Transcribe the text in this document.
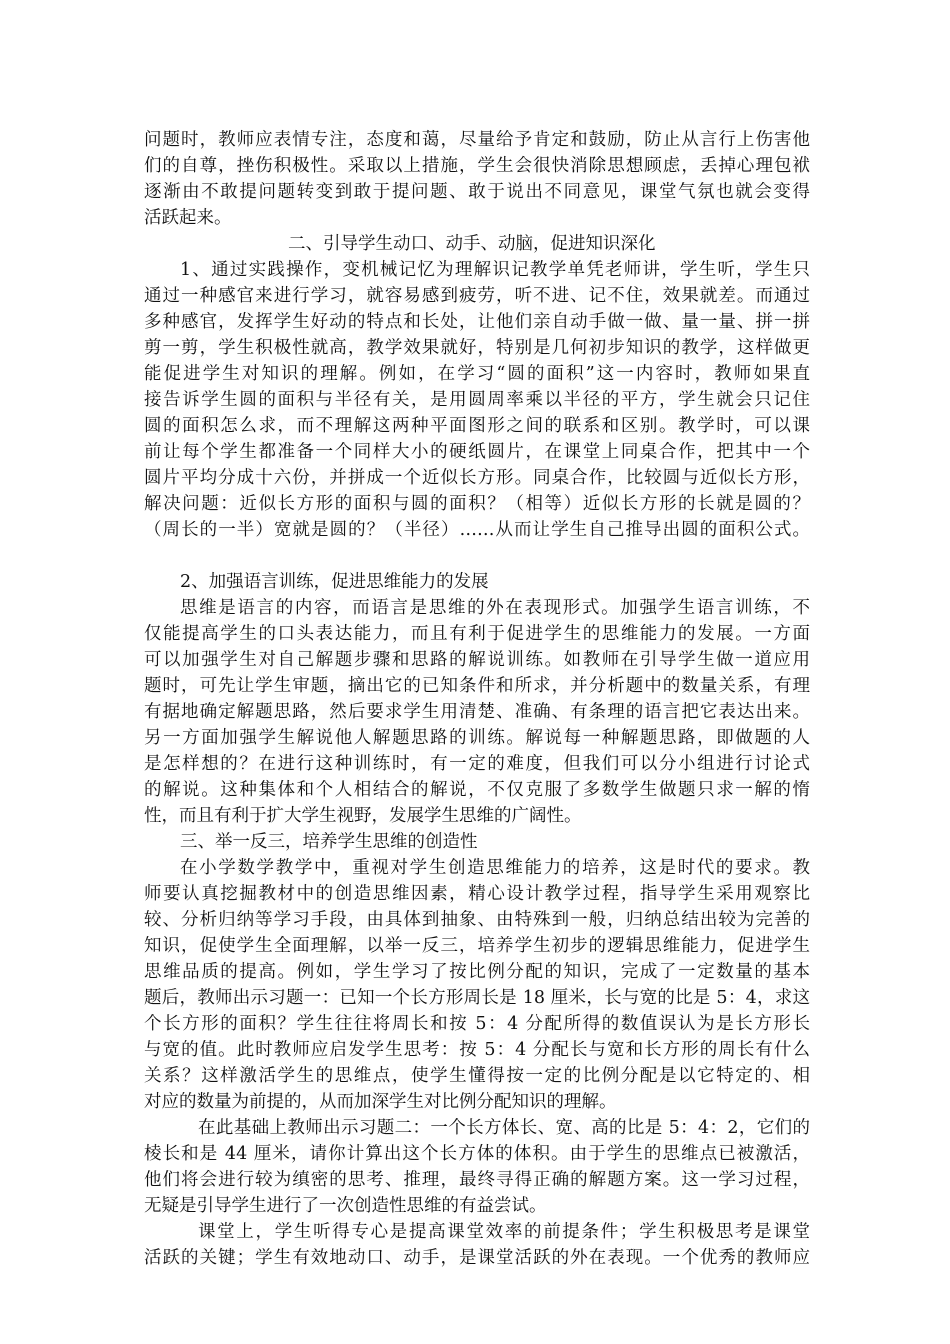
问题时，教师应表情专注，态度和蔼，尽量给予肯定和鼓励，防止从言行上伤害他
们的自尊，挫伤积极性。采取以上措施，学生会很快消除思想顾虑，丢掉心理包袱
逐渐由不敢提问题转变到敢于提问题、敢于说出不同意见，课堂气氛也就会变得
活跃起来。
二、引导学生动口、动手、动脑，促进知识深化
1、通过实践操作，变机械记忆为理解识记教学单凭老师讲，学生听，学生只
通过一种感官来进行学习，就容易感到疲劳，听不进、记不住，效果就差。而通过
多种感官，发挥学生好动的特点和长处，让他们亲自动手做一做、量一量、拼一拼
剪一剪，学生积极性就高，教学效果就好，特别是几何初步知识的教学，这样做更
能促进学生对知识的理解。例如，在学习“圆的面积”这一内容时，教师如果直
接告诉学生圆的面积与半径有关，是用圆周率乘以半径的平方，学生就会只记住
圆的面积怎么求，而不理解这两种平面图形之间的联系和区别。教学时，可以课
前让每个学生都准备一个同样大小的硬纸圆片，在课堂上同桌合作，把其中一个
圆片平均分成十六份，并拼成一个近似长方形。同桌合作，比较圆与近似长方形，
解决问题：近似长方形的面积与圆的面积？（相等）近似长方形的长就是圆的？
（周长的一半）宽就是圆的？（半径）……从而让学生自己推导出圆的面积公式。
2、加强语言训练，促进思维能力的发展
思维是语言的内容，而语言是思维的外在表现形式。加强学生语言训练，不
仅能提高学生的口头表达能力，而且有利于促进学生的思维能力的发展。一方面
可以加强学生对自己解题步骤和思路的解说训练。如教师在引导学生做一道应用
题时，可先让学生审题，摘出它的已知条件和所求，并分析题中的数量关系，有理
有据地确定解题思路，然后要求学生用清楚、准确、有条理的语言把它表达出来。
另一方面加强学生解说他人解题思路的训练。解说每一种解题思路，即做题的人
是怎样想的？在进行这种训练时，有一定的难度，但我们可以分小组进行讨论式
的解说。这种集体和个人相结合的解说，不仅克服了多数学生做题只求一解的惰
性，而且有利于扩大学生视野，发展学生思维的广阔性。
三、举一反三，培养学生思维的创造性
在小学数学教学中，重视对学生创造思维能力的培养，这是时代的要求。教
师要认真挖掘教材中的创造思维因素，精心设计教学过程，指导学生采用观察比
较、分析归纳等学习手段，由具体到抽象、由特殊到一般，归纳总结出较为完善的
知识，促使学生全面理解，以举一反三，培养学生初步的逻辑思维能力，促进学生
思维品质的提高。例如，学生学习了按比例分配的知识，完成了一定数量的基本
题后，教师出示习题一：已知一个长方形周长是 18 厘米，长与宽的比是 5：4，求这
个长方形的面积？学生往往将周长和按 5：4 分配所得的数值误认为是长方形长
与宽的值。此时教师应启发学生思考：按 5：4 分配长与宽和长方形的周长有什么
关系？这样激活学生的思维点，使学生懂得按一定的比例分配是以它特定的、相
对应的数量为前提的，从而加深学生对比例分配知识的理解。
在此基础上教师出示习题二：一个长方体长、宽、高的比是 5：4：2，它们的
棱长和是 44 厘米，请你计算出这个长方体的体积。由于学生的思维点已被激活，
他们将会进行较为缜密的思考、推理，最终寻得正确的解题方案。这一学习过程，
无疑是引导学生进行了一次创造性思维的有益尝试。
课堂上，学生听得专心是提高课堂效率的前提条件；学生积极思考是课堂
活跃的关键；学生有效地动口、动手，是课堂活跃的外在表现。一个优秀的教师应
